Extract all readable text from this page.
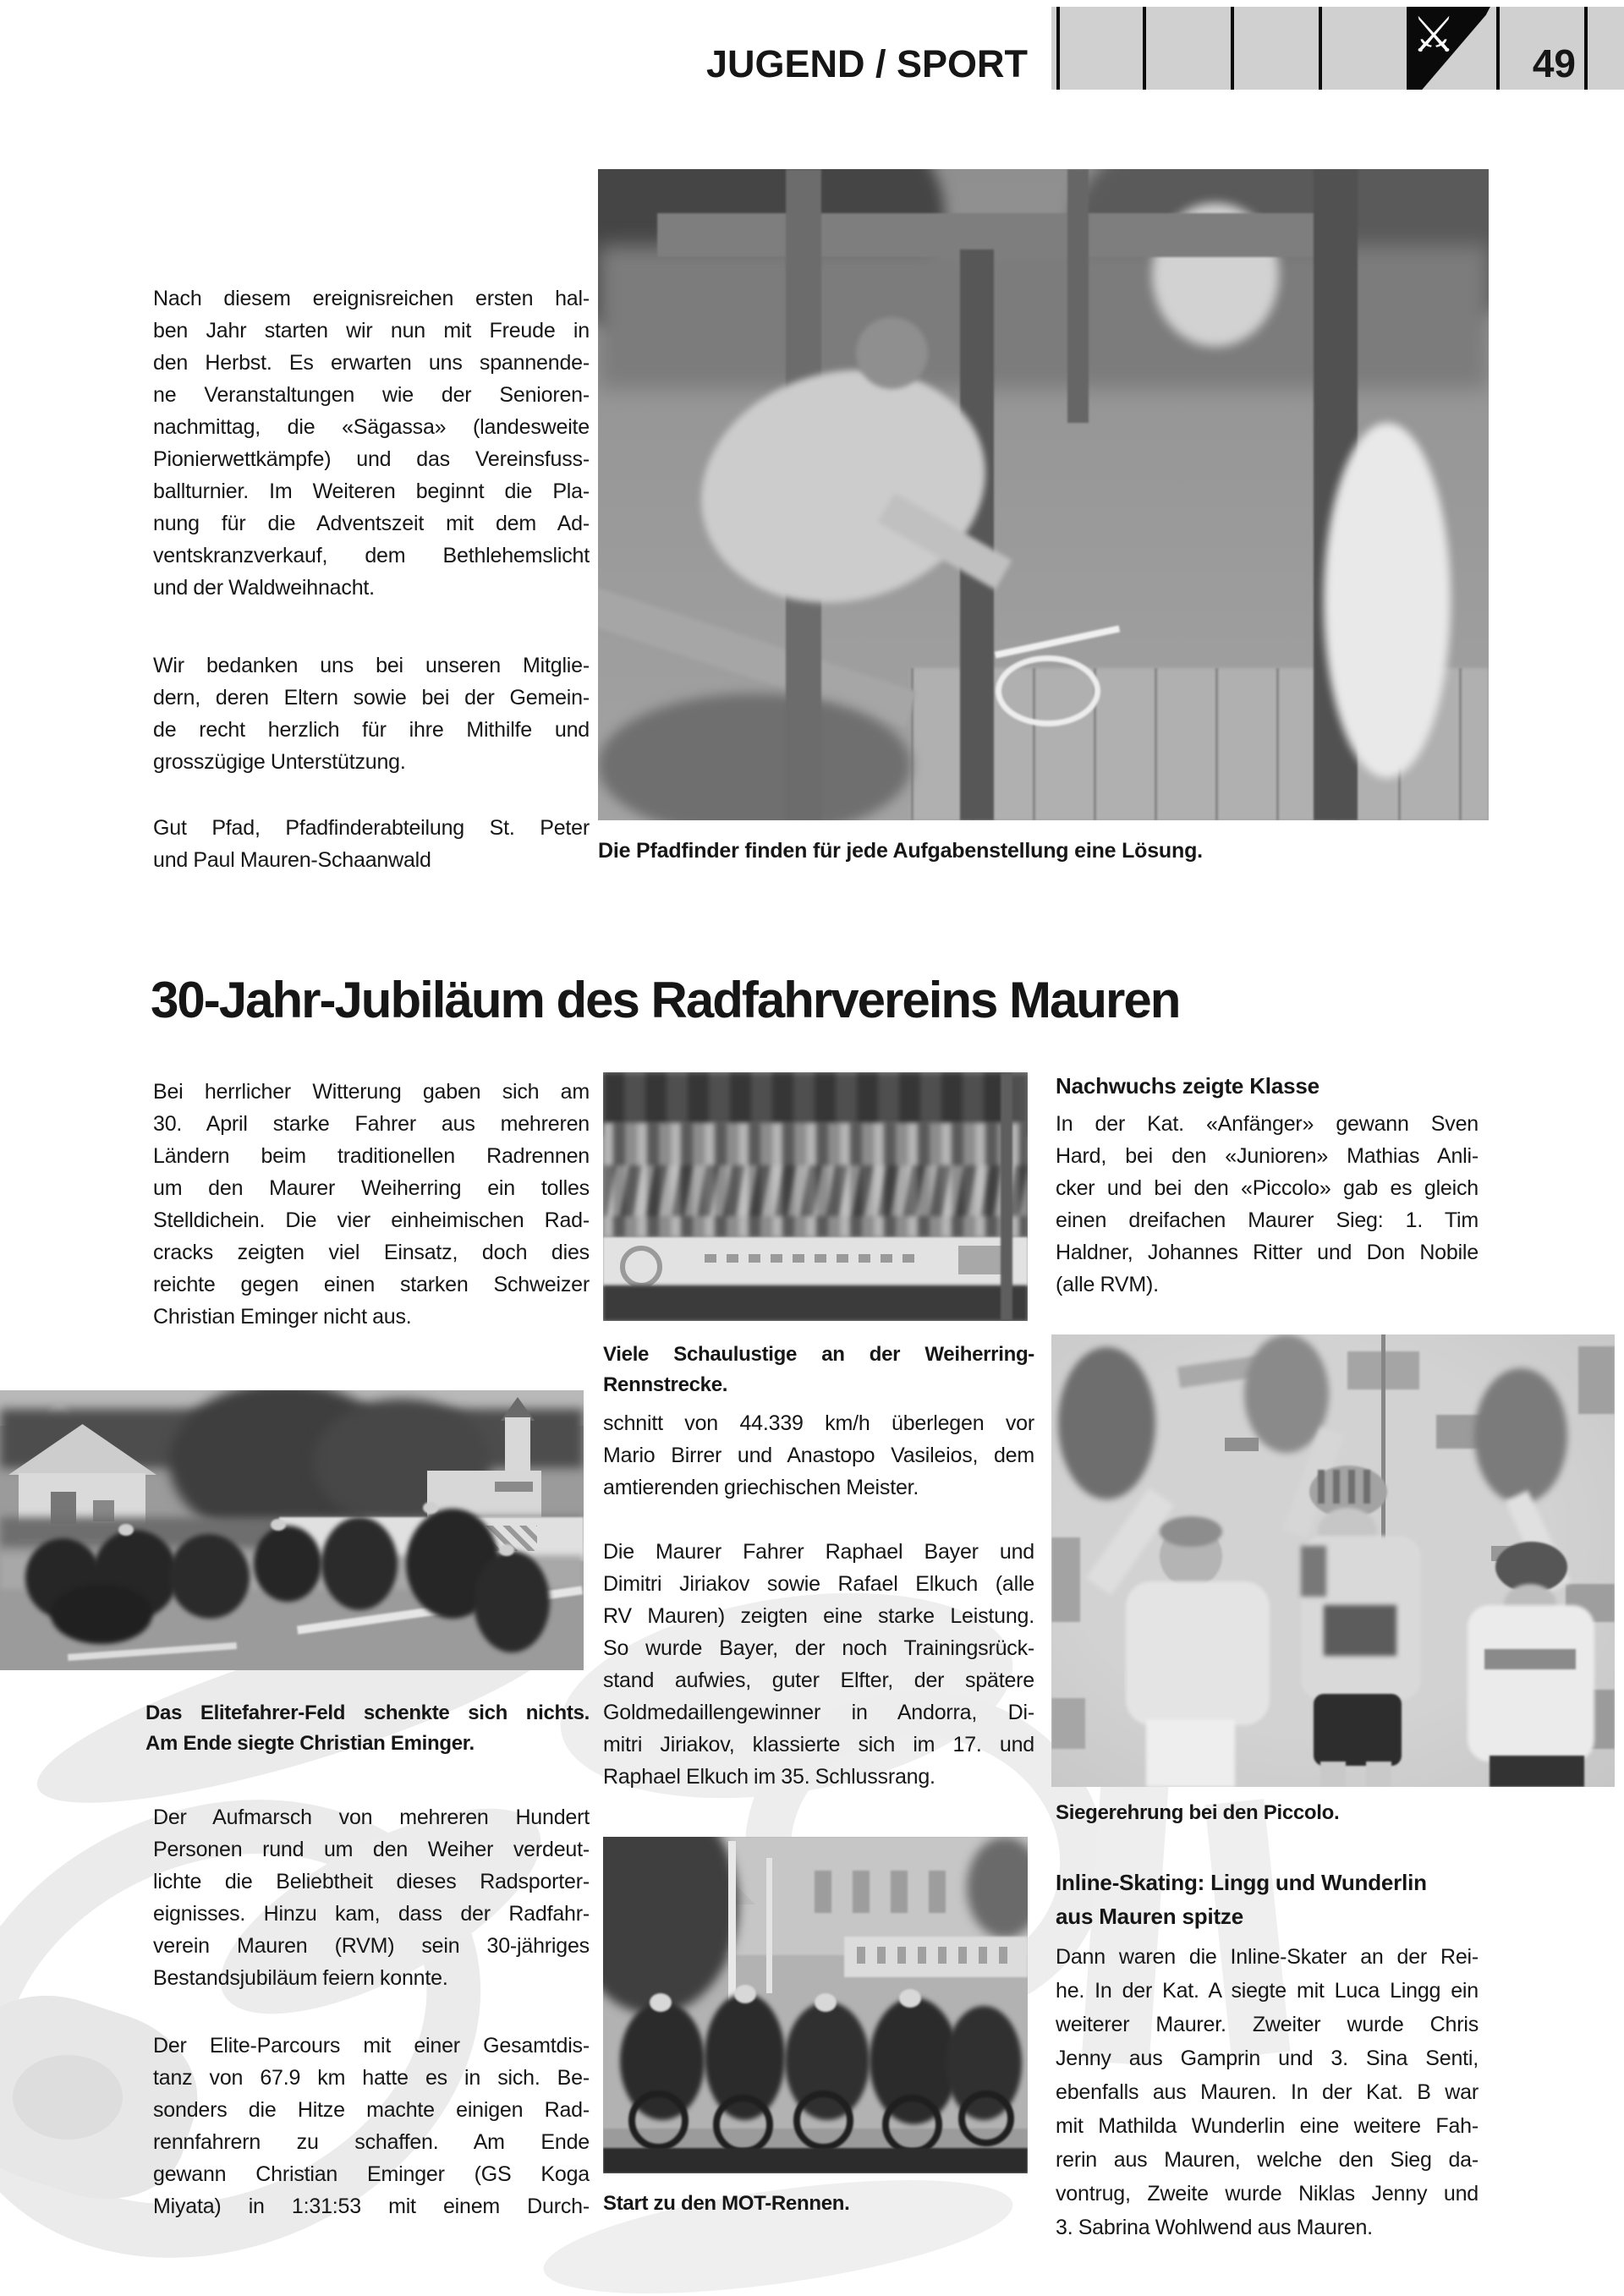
JUGEND / SPORT
⚔	49
Nach diesem ereignisreichen ersten hal-
ben Jahr starten wir nun mit Freude in
den Herbst. Es erwarten uns spannende-
ne Veranstaltungen wie der Senioren-
nachmittag, die «Sägassa» (landesweite
Pionierwettkämpfe) und das Vereinsfuss-
ballturnier. Im Weiteren beginnt die Pla-
nung für die Adventszeit mit dem Ad-
ventskranzverkauf, dem Bethlehemslicht
und der Waldweihnacht.
Wir bedanken uns bei unseren Mitglie-
dern, deren Eltern sowie bei der Gemein-
de recht herzlich für ihre Mithilfe und
grosszügige Unterstützung.
Gut Pfad, Pfadfinderabteilung St. Peter
und Paul Mauren-Schaanwald	Die Pfadfinder finden für jede Aufgabenstellung eine Lösung.
30-Jahr-Jubiläum des Radfahrvereins Mauren
Bei herrlicher Witterung gaben sich am
30. April starke Fahrer aus mehreren
Ländern beim traditionellen Radrennen
um den Maurer Weiherring ein tolles
Stelldichein. Die vier einheimischen Rad-
cracks zeigten viel Einsatz, doch dies
reichte gegen einen starken Schweizer
Christian Eminger nicht aus.
Das Elitefahrer-Feld schenkte sich nichts.
Am Ende siegte Christian Eminger.
Der Aufmarsch von mehreren Hundert
Personen rund um den Weiher verdeut-
lichte die Beliebtheit dieses Radsporter-
eignisses. Hinzu kam, dass der Radfahr-
verein Mauren (RVM) sein 30-jähriges
Bestandsjubiläum feiern konnte.
Der Elite-Parcours mit einer Gesamtdis-
tanz von 67.9 km hatte es in sich. Be-
sonders die Hitze machte einigen Rad-
rennfahrern zu schaffen. Am Ende
gewann Christian Eminger (GS Koga
Miyata) in 1:31:53 mit einem Durch-
Viele Schaulustige an der Weiherring-
Rennstrecke.
schnitt von 44.339 km/h überlegen vor
Mario Birrer und Anastopo Vasileios, dem
amtierenden griechischen Meister.
Die Maurer Fahrer Raphael Bayer und
Dimitri Jiriakov sowie Rafael Elkuch (alle
RV Mauren) zeigten eine starke Leistung.
So wurde Bayer, der noch Trainingsrück-
stand aufwies, guter Elfter, der spätere
Goldmedaillengewinner in Andorra, Di-
mitri Jiriakov, klassierte sich im 17. und
Raphael Elkuch im 35. Schlussrang.
Start zu den MOT-Rennen.
Nachwuchs zeigte Klasse
In der Kat. «Anfänger» gewann Sven
Hard, bei den «Junioren» Mathias Anli-
cker und bei den «Piccolo» gab es gleich
einen dreifachen Maurer Sieg: 1. Tim
Haldner, Johannes Ritter und Don Nobile
(alle RVM).
Siegerehrung bei den Piccolo.
Inline-Skating: Lingg und Wunderlin
aus Mauren spitze
Dann waren die Inline-Skater an der Rei-
he. In der Kat. A siegte mit Luca Lingg ein
weiterer Maurer. Zweiter wurde Chris
Jenny aus Gamprin und 3. Sina Senti,
ebenfalls aus Mauren. In der Kat. B war
mit Mathilda Wunderlin eine weitere Fah-
rerin aus Mauren, welche den Sieg da-
vontrug, Zweite wurde Niklas Jenny und
3. Sabrina Wohlwend aus Mauren.
